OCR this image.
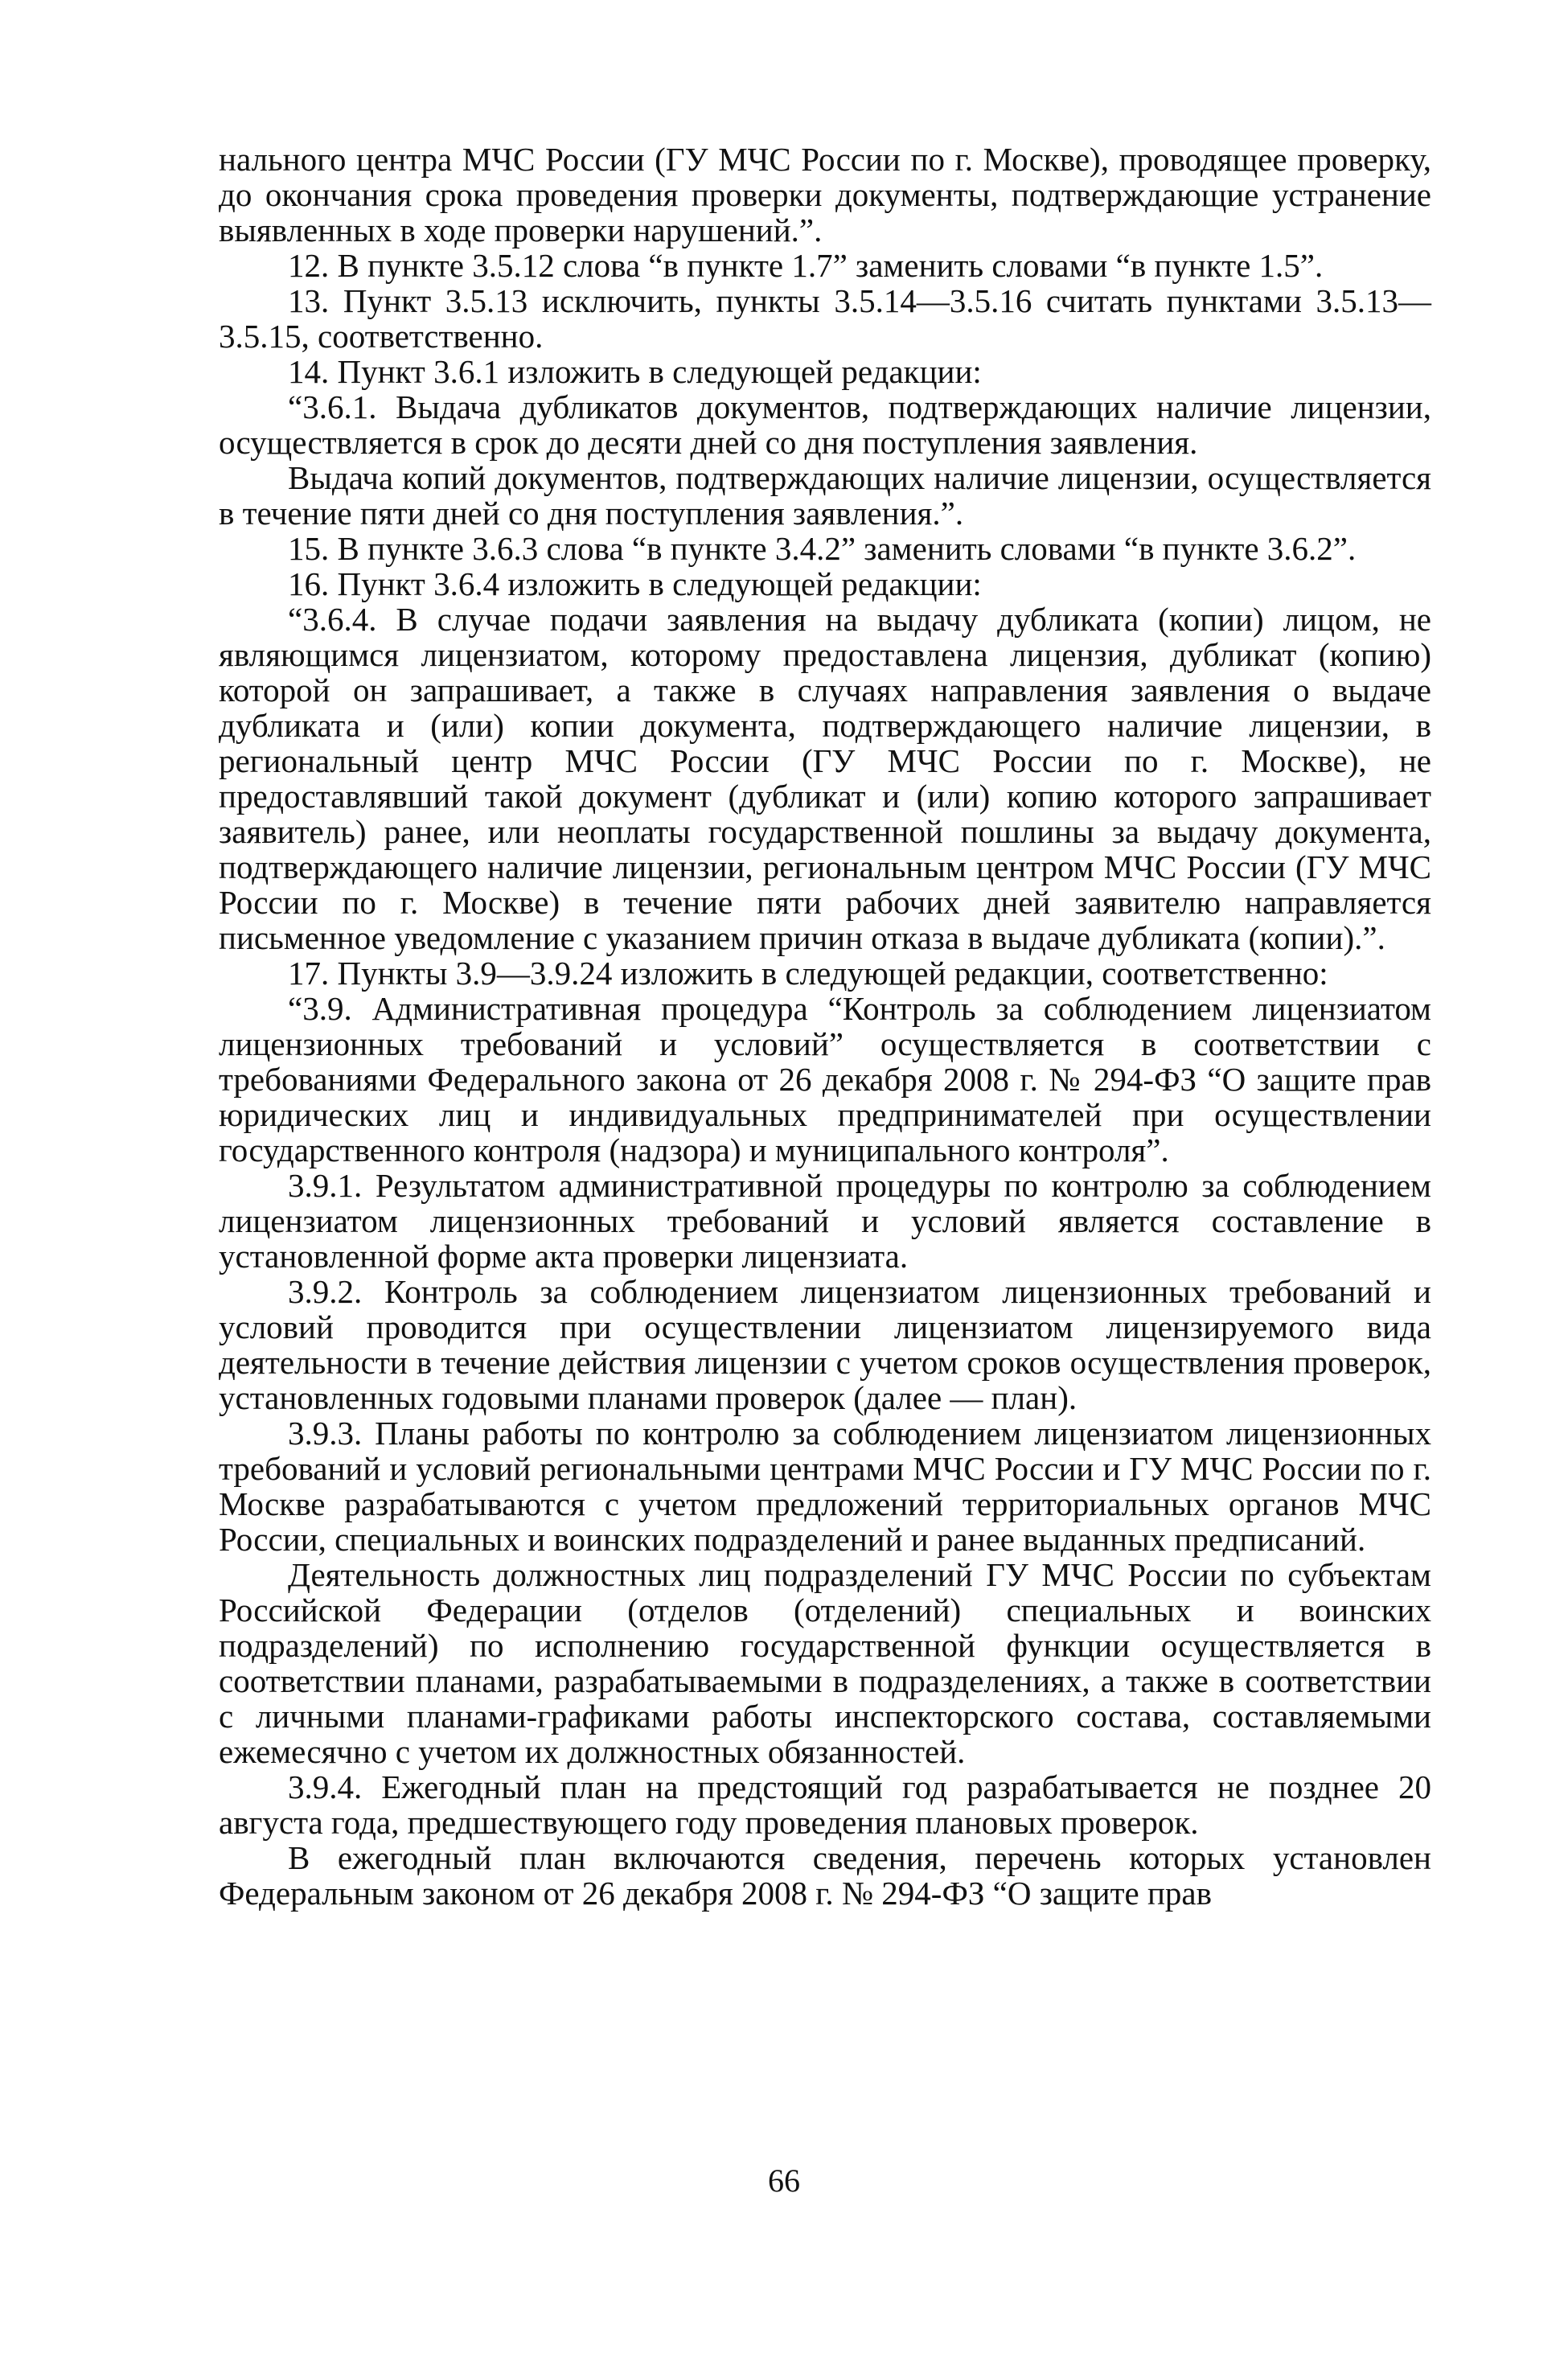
нального центра МЧС России (ГУ МЧС России по г. Москве), проводящее проверку, до окончания срока проведения проверки документы, подтверждающие устранение выявленных в ходе проверки нарушений.”.

12. В пункте 3.5.12 слова “в пункте 1.7” заменить словами “в пункте 1.5”.

13. Пункт 3.5.13 исключить, пункты 3.5.14—3.5.16 считать пунктами 3.5.13—3.5.15, соответственно.

14. Пункт 3.6.1 изложить в следующей редакции:

“3.6.1. Выдача дубликатов документов, подтверждающих наличие лицензии, осуществляется в срок до десяти дней со дня поступления заявления.

Выдача копий документов, подтверждающих наличие лицензии, осуществляется в течение пяти дней со дня поступления заявления.”.

15. В пункте 3.6.3 слова “в пункте 3.4.2” заменить словами “в пункте 3.6.2”.

16. Пункт 3.6.4 изложить в следующей редакции:

“3.6.4. В случае подачи заявления на выдачу дубликата (копии) лицом, не являющимся лицензиатом, которому предоставлена лицензия, дубликат (копию) которой он запрашивает, а также в случаях направления заявления о выдаче дубликата и (или) копии документа, подтверждающего наличие лицензии, в региональный центр МЧС России (ГУ МЧС России по г. Москве), не предоставлявший такой документ (дубликат и (или) копию которого запрашивает заявитель) ранее, или неоплаты государственной пошлины за выдачу документа, подтверждающего наличие лицензии, региональным центром МЧС России (ГУ МЧС России по г. Москве) в течение пяти рабочих дней заявителю направляется письменное уведомление с указанием причин отказа в выдаче дубликата (копии).”.

17. Пункты 3.9—3.9.24 изложить в следующей редакции, соответственно:

“3.9. Административная процедура “Контроль за соблюдением лицензиатом лицензионных требований и условий” осуществляется в соответствии с требованиями Федерального закона от 26 декабря 2008 г. № 294-ФЗ “О защите прав юридических лиц и индивидуальных предпринимателей при осуществлении государственного контроля (надзора) и муниципального контроля”.

3.9.1. Результатом административной процедуры по контролю за соблюдением лицензиатом лицензионных требований и условий является составление в установленной форме акта проверки лицензиата.

3.9.2. Контроль за соблюдением лицензиатом лицензионных требований и условий проводится при осуществлении лицензиатом лицензируемого вида деятельности в течение действия лицензии с учетом сроков осуществления проверок, установленных годовыми планами проверок (далее — план).

3.9.3. Планы работы по контролю за соблюдением лицензиатом лицензионных требований и условий региональными центрами МЧС России и ГУ МЧС России по г. Москве разрабатываются с учетом предложений территориальных органов МЧС России, специальных и воинских подразделений и ранее выданных предписаний.

Деятельность должностных лиц подразделений ГУ МЧС России по субъектам Российской Федерации (отделов (отделений) специальных и воинских подразделений) по исполнению государственной функции осуществляется в соответствии планами, разрабатываемыми в подразделениях, а также в соответствии с личными планами-графиками работы инспекторского состава, составляемыми ежемесячно с учетом их должностных обязанностей.

3.9.4. Ежегодный план на предстоящий год разрабатывается не позднее 20 августа года, предшествующего году проведения плановых проверок.

В ежегодный план включаются сведения, перечень которых установлен Федеральным законом от 26 декабря 2008 г. № 294-ФЗ “О защите прав

66
